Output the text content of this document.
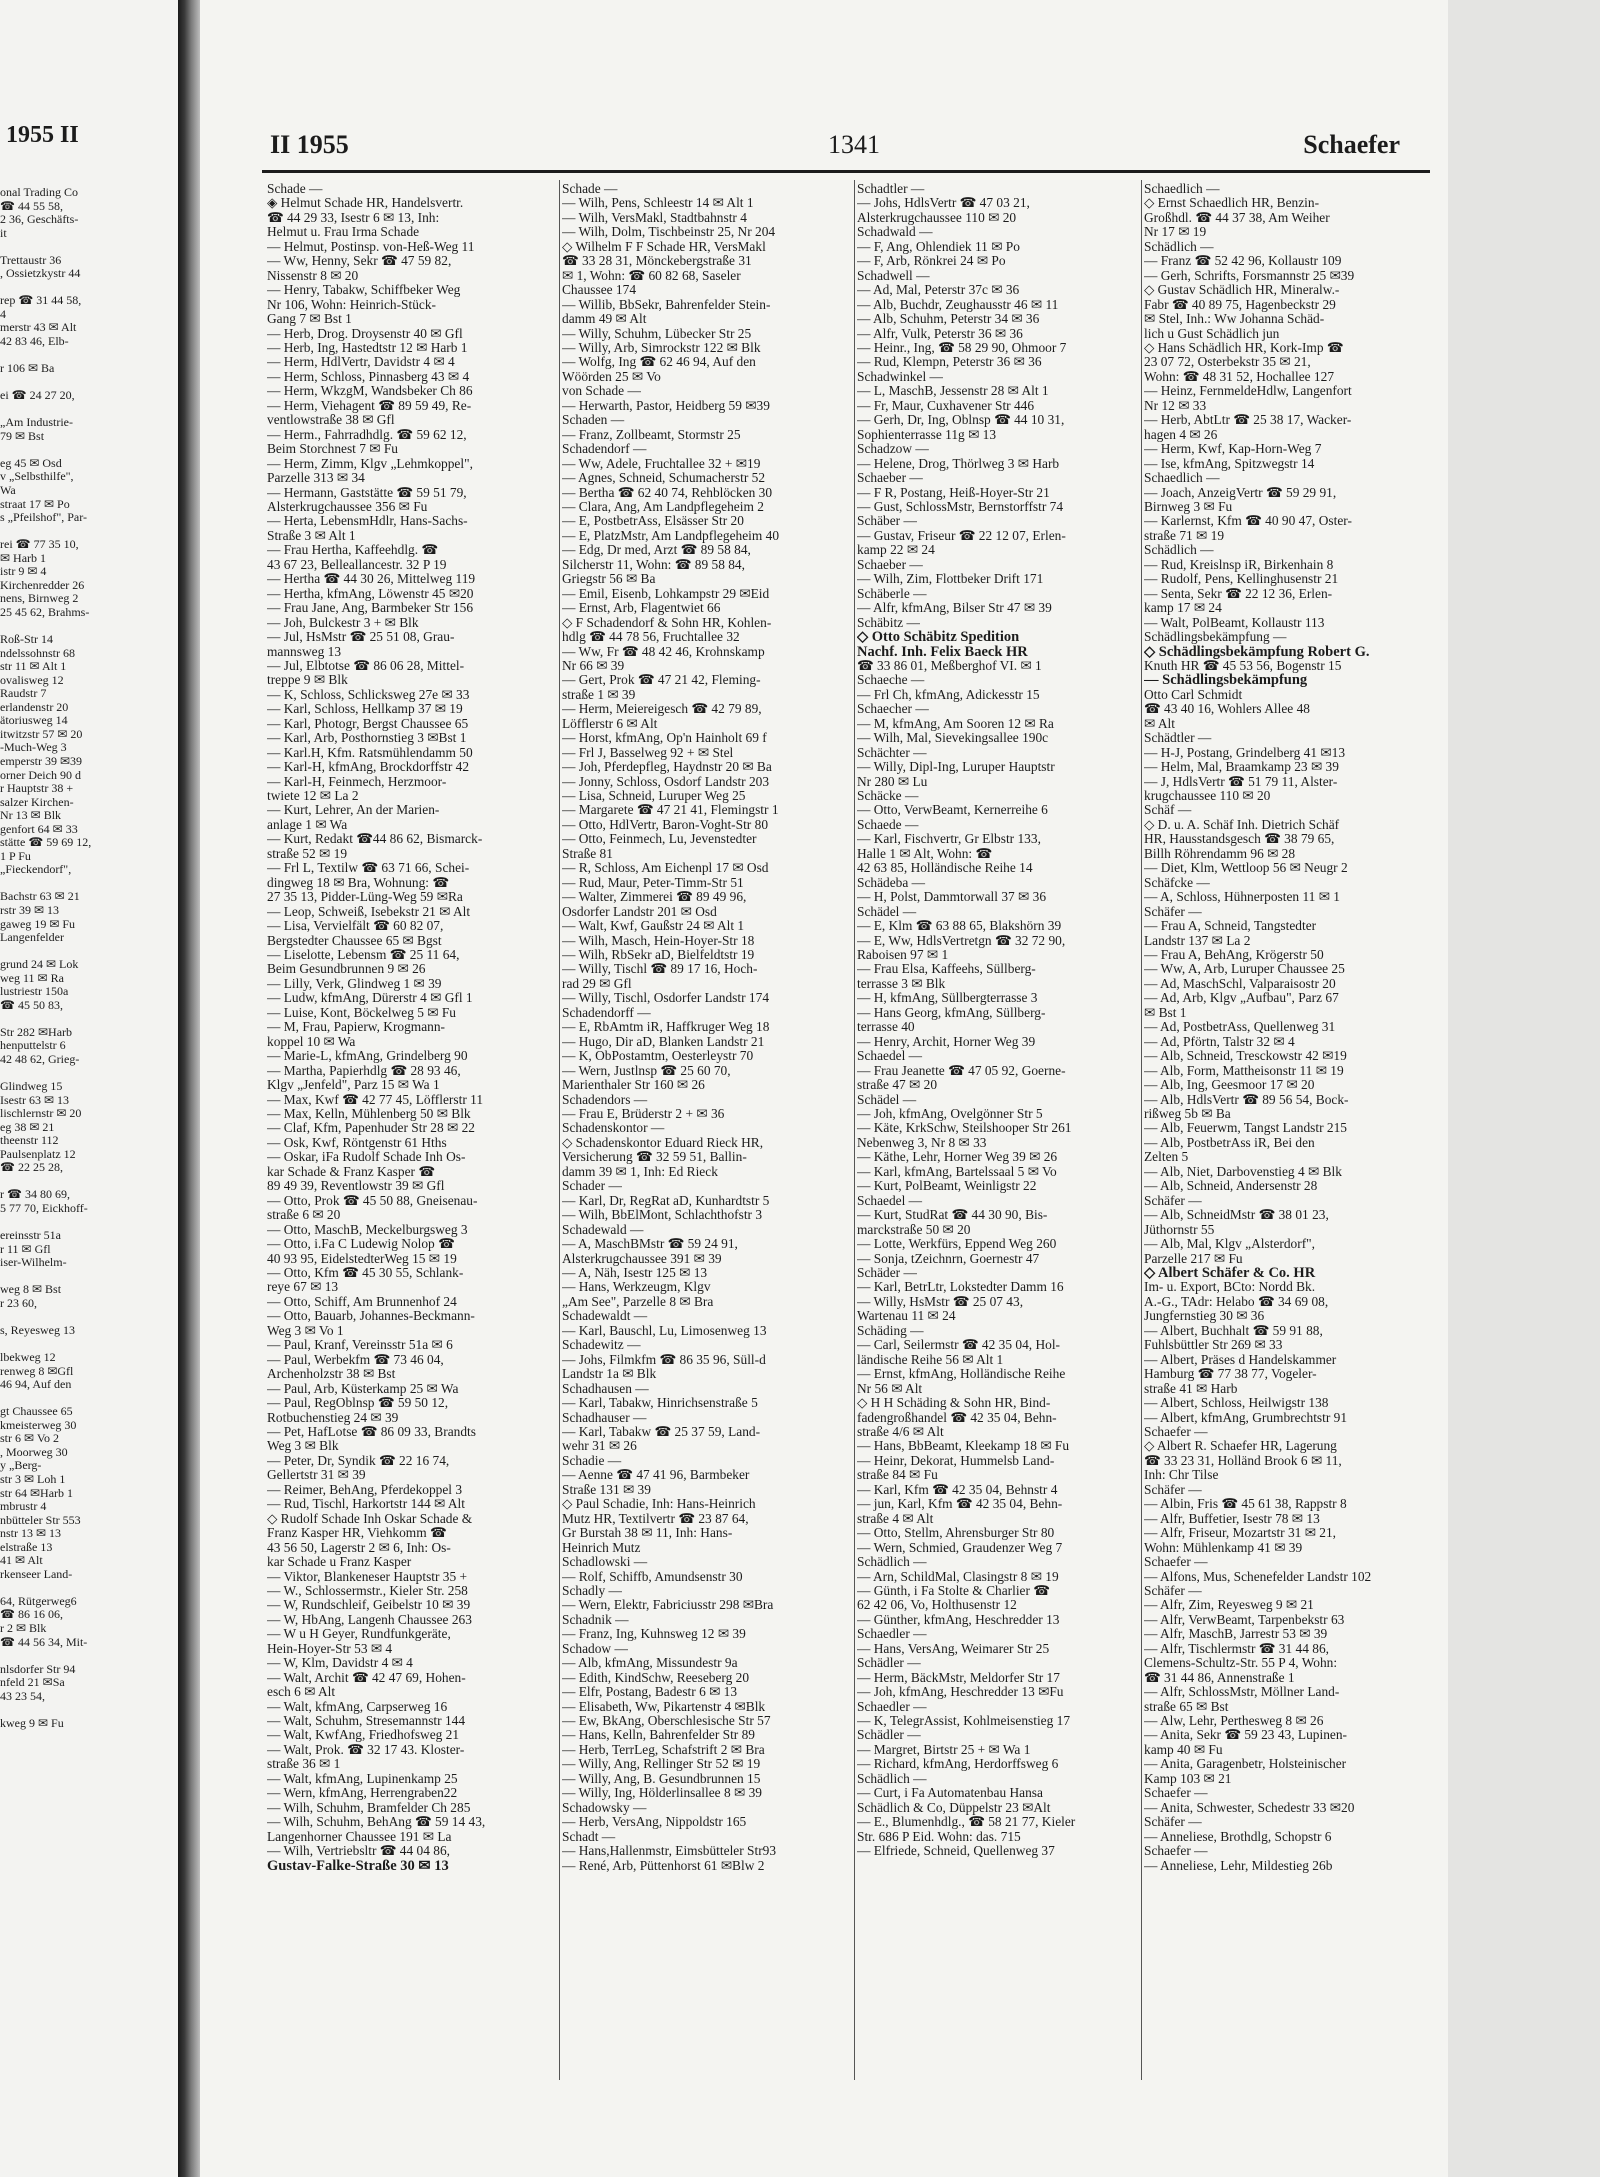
1955 II
onal Trading Co
☎ 44 55 58,
2 36, Geschäfts-
it

Trettaustr 36
, Ossietzkystr 44

rep ☎ 31 44 58,
4
merstr 43 ✉ Alt
42 83 46, Elb-

r 106 ✉ Ba

ei ☎ 24 27 20,

„Am Industrie-
79 ✉ Bst

eg 45 ✉ Osd
v „Selbsthilfe",
Wa
straat 17 ✉ Po
s „Pfeilshof", Par-

rei ☎ 77 35 10,
✉ Harb 1
istr 9 ✉ 4
Kirchenredder 26
nens, Birnweg 2
25 45 62, Brahms-

Roß-Str 14
ndelssohnstr 68
str 11 ✉ Alt 1
ovalisweg 12
Raudstr 7
erlandenstr 20
ätoriusweg 14
itwitzstr 57 ✉ 20
-Much-Weg 3
emperstr 39 ✉39
orner Deich 90 d
r Hauptstr 38 +
salzer Kirchen-
Nr 13 ✉ Blk
genfort 64 ✉ 33
stätte ☎ 59 69 12,
1 P Fu
„Fieckendorf",

Bachstr 63 ✉ 21
rstr 39 ✉ 13
gaweg 19 ✉ Fu
Langenfelder

grund 24 ✉ Lok
weg 11 ✉ Ra
lustriestr 150a
☎ 45 50 83,

Str 282 ✉Harb
henputtelstr 6
42 48 62, Grieg-

Glindweg 15
Isestr 63 ✉ 13
lischlernstr ✉ 20
eg 38 ✉ 21
theenstr 112
Paulsenplatz 12
☎ 22 25 28,

r ☎ 34 80 69,
5 77 70, Eickhoff-

ereinsstr 51a
r 11 ✉ Gfl
iser-Wilhelm-

weg 8 ✉ Bst
r 23 60,

s, Reyesweg 13

lbekweg 12
renweg 8 ✉Gfl
46 94, Auf den

gt Chaussee 65
kmeisterweg 30
str 6 ✉ Vo 2
, Moorweg 30
y „Berg-
str 3 ✉ Loh 1
str 64 ✉Harb 1
mbrustr 4
nbütteler Str 553
nstr 13 ✉ 13
elstraße 13
41 ✉ Alt
rkenseer Land-

64, Rütgerweg6
☎ 86 16 06,
r 2 ✉ Blk
☎ 44 56 34, Mit-

nlsdorfer Str 94
nfeld 21 ✉Sa
43 23 54,

kweg 9 ✉ Fu
II 1955	1341	Schaefer
Schade —
◈ Helmut Schade HR, Handelsvertr.
☎ 44 29 33, Isestr 6 ✉ 13, Inh:
Helmut u. Frau Irma Schade
— Helmut, Postinsp. von-Heß-Weg 11
— Ww, Henny, Sekr ☎ 47 59 82,
Nissenstr 8 ✉ 20
— Henry, Tabakw, Schiffbeker Weg
Nr 106, Wohn: Heinrich-Stück-
Gang 7 ✉ Bst 1
— Herb, Drog. Droysenstr 40 ✉ Gfl
— Herb, Ing, Hastedtstr 12 ✉ Harb 1
— Herm, HdlVertr, Davidstr 4 ✉ 4
— Herm, Schloss, Pinnasberg 43 ✉ 4
— Herm, WkzgM, Wandsbeker Ch 86
— Herm, Viehagent ☎ 89 59 49, Re-
ventlowstraße 38 ✉ Gfl
— Herm., Fahrradhdlg. ☎ 59 62 12,
Beim Storchnest 7 ✉ Fu
— Herm, Zimm, Klgv „Lehmkoppel",
Parzelle 313 ✉ 34
— Hermann, Gaststätte ☎ 59 51 79,
Alsterkrugchaussee 356 ✉ Fu
— Herta, LebensmHdlr, Hans-Sachs-
Straße 3 ✉ Alt 1
— Frau Hertha, Kaffeehdlg. ☎
43 67 23, Belleallancestr. 32 P 19
— Hertha ☎ 44 30 26, Mittelweg 119
— Hertha, kfmAng, Löwenstr 45 ✉20
— Frau Jane, Ang, Barmbeker Str 156
— Joh, Bulckestr 3 + ✉ Blk
— Jul, HsMstr ☎ 25 51 08, Grau-
mannsweg 13
— Jul, Elbtotse ☎ 86 06 28, Mittel-
treppe 9 ✉ Blk
— K, Schloss, Schlicksweg 27e ✉ 33
— Karl, Schloss, Hellkamp 37 ✉ 19
— Karl, Photogr, Bergst Chaussee 65
— Karl, Arb, Posthornstieg 3 ✉Bst 1
— Karl.H, Kfm. Ratsmühlendamm 50
— Karl-H, kfmAng, Brockdorffstr 42
— Karl-H, Feinmech, Herzmoor-
twiete 12 ✉ La 2
— Kurt, Lehrer, An der Marien-
anlage 1 ✉ Wa
— Kurt, Redakt ☎44 86 62, Bismarck-
straße 52 ✉ 19
— Frl L, Textilw ☎ 63 71 66, Schei-
dingweg 18 ✉ Bra, Wohnung: ☎
27 35 13, Pidder-Lüng-Weg 59 ✉Ra
— Leop, Schweiß, Isebekstr 21 ✉ Alt
— Lisa, Vervielfält ☎ 60 82 07,
Bergstedter Chaussee 65 ✉ Bgst
— Liselotte, Lebensm ☎ 25 11 64,
Beim Gesundbrunnen 9 ✉ 26
— Lilly, Verk, Glindweg 1 ✉ 39
— Ludw, kfmAng, Dürerstr 4 ✉ Gfl 1
— Luise, Kont, Böckelweg 5 ✉ Fu
— M, Frau, Papierw, Krogmann-
koppel 10 ✉ Wa
— Marie-L, kfmAng, Grindelberg 90
— Martha, Papierhdlg ☎ 28 93 46,
Klgv „Jenfeld", Parz 15 ✉ Wa 1
— Max, Kwf ☎ 42 77 45, Löfflerstr 11
— Max, Kelln, Mühlenberg 50 ✉ Blk
— Claf, Kfm, Papenhuder Str 28 ✉ 22
— Osk, Kwf, Röntgenstr 61 Hths
— Oskar, iFa Rudolf Schade Inh Os-
kar Schade & Franz Kasper ☎
89 49 39, Reventlowstr 39 ✉ Gfl
— Otto, Prok ☎ 45 50 88, Gneisenau-
straße 6 ✉ 20
— Otto, MaschB, Meckelburgsweg 3
— Otto, i.Fa C Ludewig Nolop ☎
40 93 95, EidelstedterWeg 15 ✉ 19
— Otto, Kfm ☎ 45 30 55, Schlank-
reye 67 ✉ 13
— Otto, Schiff, Am Brunnenhof 24
— Otto, Bauarb, Johannes-Beckmann-
Weg 3 ✉ Vo 1
— Paul, Kranf, Vereinsstr 51a ✉ 6
— Paul, Werbekfm ☎ 73 46 04,
Archenholzstr 38 ✉ Bst
— Paul, Arb, Küsterkamp 25 ✉ Wa
— Paul, RegOblnsp ☎ 59 50 12,
Rotbuchenstieg 24 ✉ 39
— Pet, HafLotse ☎ 86 09 33, Brandts
Weg 3 ✉ Blk
— Peter, Dr, Syndik ☎ 22 16 74,
Gellertstr 31 ✉ 39
— Reimer, BehAng, Pferdekoppel 3
— Rud, Tischl, Harkortstr 144 ✉ Alt
◇ Rudolf Schade Inh Oskar Schade &
Franz Kasper HR, Viehkomm ☎
43 56 50, Lagerstr 2 ✉ 6, Inh: Os-
kar Schade u Franz Kasper
— Viktor, Blankeneser Hauptstr 35 +
— W., Schlossermstr., Kieler Str. 258
— W, Rundschleif, Geibelstr 10 ✉ 39
— W, HbAng, Langenh Chaussee 263
— W u H Geyer, Rundfunkgeräte,
Hein-Hoyer-Str 53 ✉ 4
— W, Klm, Davidstr 4 ✉ 4
— Walt, Archit ☎ 42 47 69, Hohen-
esch 6 ✉ Alt
— Walt, kfmAng, Carpserweg 16
— Walt, Schuhm, Stresemannstr 144
— Walt, KwfAng, Friedhofsweg 21
— Walt, Prok. ☎ 32 17 43. Kloster-
straße 36 ✉ 1
— Walt, kfmAng, Lupinenkamp 25
— Wern, kfmAng, Herrengraben22
— Wilh, Schuhm, Bramfelder Ch 285
— Wilh, Schuhm, BehAng ☎ 59 14 43,
Langenhorner Chaussee 191 ✉ La
— Wilh, Vertriebsltr ☎ 44 04 86,
Gustav-Falke-Straße 30 ✉ 13
Schade —
— Wilh, Pens, Schleestr 14 ✉ Alt 1
— Wilh, VersMakl, Stadtbahnstr 4
— Wilh, Dolm, Tischbeinstr 25, Nr 204
◇ Wilhelm F F Schade HR, VersMakl
☎ 33 28 31, Mönckebergstraße 31
✉ 1, Wohn: ☎ 60 82 68, Saseler
Chaussee 174
— Willib, BbSekr, Bahrenfelder Stein-
damm 49 ✉ Alt
— Willy, Schuhm, Lübecker Str 25
— Willy, Arb, Simrockstr 122 ✉ Blk
— Wolfg, Ing ☎ 62 46 94, Auf den
Wöörden 25 ✉ Vo
von Schade —
— Herwarth, Pastor, Heidberg 59 ✉39
Schaden —
— Franz, Zollbeamt, Stormstr 25
Schadendorf —
— Ww, Adele, Fruchtallee 32 + ✉19
— Agnes, Schneid, Schumacherstr 52
— Bertha ☎ 62 40 74, Rehblöcken 30
— Clara, Ang, Am Landpflegeheim 2
— E, PostbetrAss, Elsässer Str 20
— E, PlatzMstr, Am Landpflegeheim 40
— Edg, Dr med, Arzt ☎ 89 58 84,
Silcherstr 11, Wohn: ☎ 89 58 84,
Griegstr 56 ✉ Ba
— Emil, Eisenb, Lohkampstr 29 ✉Eid
— Ernst, Arb, Flagentwiet 66
◇ F Schadendorf & Sohn HR, Kohlen-
hdlg ☎ 44 78 56, Fruchtallee 32
— Ww, Fr ☎ 48 42 46, Krohnskamp
Nr 66 ✉ 39
— Gert, Prok ☎ 47 21 42, Fleming-
straße 1 ✉ 39
— Herm, Meiereigesch ☎ 42 79 89,
Löfflerstr 6 ✉ Alt
— Horst, kfmAng, Op'n Hainholt 69 f
— Frl J, Basselweg 92 + ✉ Stel
— Joh, Pferdepfleg, Haydnstr 20 ✉ Ba
— Jonny, Schloss, Osdorf Landstr 203
— Lisa, Schneid, Luruper Weg 25
— Margarete ☎ 47 21 41, Flemingstr 1
— Otto, HdlVertr, Baron-Voght-Str 80
— Otto, Feinmech, Lu, Jevenstedter
Straße 81
— R, Schloss, Am Eichenpl 17 ✉ Osd
— Rud, Maur, Peter-Timm-Str 51
— Walter, Zimmerei ☎ 89 49 96,
Osdorfer Landstr 201 ✉ Osd
— Walt, Kwf, Gaußstr 24 ✉ Alt 1
— Wilh, Masch, Hein-Hoyer-Str 18
— Wilh, RbSekr aD, Bielfeldtstr 19
— Willy, Tischl ☎ 89 17 16, Hoch-
rad 29 ✉ Gfl
— Willy, Tischl, Osdorfer Landstr 174
Schadendorff —
— E, RbAmtm iR, Haffkruger Weg 18
— Hugo, Dir aD, Blanken Landstr 21
— K, ObPostamtm, Oesterleystr 70
— Wern, Justlnsp ☎ 25 60 70,
Marienthaler Str 160 ✉ 26
Schadendors —
— Frau E, Brüderstr 2 + ✉ 36
Schadenskontor —
◇ Schadenskontor Eduard Rieck HR,
Versicherung ☎ 32 59 51, Ballin-
damm 39 ✉ 1, Inh: Ed Rieck
Schader —
— Karl, Dr, RegRat aD, Kunhardtstr 5
— Wilh, BbElMont, Schlachthofstr 3
Schadewald —
— A, MaschBMstr ☎ 59 24 91,
Alsterkrugchaussee 391 ✉ 39
— A, Näh, Isestr 125 ✉ 13
— Hans, Werkzeugm, Klgv
„Am See", Parzelle 8 ✉ Bra
Schadewaldt —
— Karl, Bauschl, Lu, Limosenweg 13
Schadewitz —
— Johs, Filmkfm ☎ 86 35 96, Süll-d
Landstr 1a ✉ Blk
Schadhausen —
— Karl, Tabakw, Hinrichsenstraße 5
Schadhauser —
— Karl, Tabakw ☎ 25 37 59, Land-
wehr 31 ✉ 26
Schadie —
— Aenne ☎ 47 41 96, Barmbeker
Straße 131 ✉ 39
◇ Paul Schadie, Inh: Hans-Heinrich
Mutz HR, Textilvertr ☎ 23 87 64,
Gr Burstah 38 ✉ 11, Inh: Hans-
Heinrich Mutz
Schadlowski —
— Rolf, Schiffb, Amundsenstr 30
Schadly —
— Wern, Elektr, Fabriciusstr 298 ✉Bra
Schadnik —
— Franz, Ing, Kuhnsweg 12 ✉ 39
Schadow —
— Alb, kfmAng, Missundestr 9a
— Edith, KindSchw, Reeseberg 20
— Elfr, Postang, Badestr 6 ✉ 13
— Elisabeth, Ww, Pikartenstr 4 ✉Blk
— Ew, BkAng, Oberschlesische Str 57
— Hans, Kelln, Bahrenfelder Str 89
— Herb, TerrLeg, Schafstrift 2 ✉ Bra
— Willy, Ang, Rellinger Str 52 ✉ 19
— Willy, Ang, B. Gesundbrunnen 15
— Willy, Ing, Hölderlinsallee 8 ✉ 39
Schadowsky —
— Herb, VersAng, Nippoldstr 165
Schadt —
— Hans,Hallenmstr, Eimsbütteler Str93
— René, Arb, Püttenhorst 61 ✉Blw 2
Schadtler —
— Johs, HdlsVertr ☎ 47 03 21,
Alsterkrugchaussee 110 ✉ 20
Schadwald —
— F, Ang, Ohlendiek 11 ✉ Po
— F, Arb, Rönkrei 24 ✉ Po
Schadwell —
— Ad, Mal, Peterstr 37c ✉ 36
— Alb, Buchdr, Zeughausstr 46 ✉ 11
— Alb, Schuhm, Peterstr 34 ✉ 36
— Alfr, Vulk, Peterstr 36 ✉ 36
— Heinr., Ing, ☎ 58 29 90, Ohmoor 7
— Rud, Klempn, Peterstr 36 ✉ 36
Schadwinkel —
— L, MaschB, Jessenstr 28 ✉ Alt 1
— Fr, Maur, Cuxhavener Str 446
— Gerh, Dr, Ing, Oblnsp ☎ 44 10 31,
Sophienterrasse 11g ✉ 13
Schadzow —
— Helene, Drog, Thörlweg 3 ✉ Harb
Schaeber —
— F R, Postang, Heiß-Hoyer-Str 21
— Gust, SchlossMstr, Bernstorffstr 74
Schäber —
— Gustav, Friseur ☎ 22 12 07, Erlen-
kamp 22 ✉ 24
Schaeber —
— Wilh, Zim, Flottbeker Drift 171
Schäberle —
— Alfr, kfmAng, Bilser Str 47 ✉ 39
Schäbitz —
◇ Otto Schäbitz Spedition
Nachf. Inh. Felix Baeck HR
☎ 33 86 01, Meßberghof VI. ✉ 1
Schaeche —
— Frl Ch, kfmAng, Adickesstr 15
Schaecher —
— M, kfmAng, Am Sooren 12 ✉ Ra
— Wilh, Mal, Sievekingsallee 190c
Schächter —
— Willy, Dipl-Ing, Luruper Hauptstr
Nr 280 ✉ Lu
Schäcke —
— Otto, VerwBeamt, Kernerreihe 6
Schaede —
— Karl, Fischvertr, Gr Elbstr 133,
Halle 1 ✉ Alt, Wohn: ☎
42 63 85, Holländische Reihe 14
Schädeba —
— H, Polst, Dammtorwall 37 ✉ 36
Schädel —
— E, Klm ☎ 63 88 65, Blakshörn 39
— E, Ww, HdlsVertretgn ☎ 32 72 90,
Raboisen 97 ✉ 1
— Frau Elsa, Kaffeehs, Süllberg-
terrasse 3 ✉ Blk
— H, kfmAng, Süllbergterrasse 3
— Hans Georg, kfmAng, Süllberg-
terrasse 40
— Henry, Archit, Horner Weg 39
Schaedel —
— Frau Jeanette ☎ 47 05 92, Goerne-
straße 47 ✉ 20
Schädel —
— Joh, kfmAng, Ovelgönner Str 5
— Käte, KrkSchw, Steilshooper Str 261
Nebenweg 3, Nr 8 ✉ 33
— Käthe, Lehr, Horner Weg 39 ✉ 26
— Karl, kfmAng, Bartelssaal 5 ✉ Vo
— Kurt, PolBeamt, Weinligstr 22
Schaedel —
— Kurt, StudRat ☎ 44 30 90, Bis-
marckstraße 50 ✉ 20
— Lotte, Werkfürs, Eppend Weg 260
— Sonja, tZeichnrn, Goernestr 47
Schäder —
— Karl, BetrLtr, Lokstedter Damm 16
— Willy, HsMstr ☎ 25 07 43,
Wartenau 11 ✉ 24
Schäding —
— Carl, Seilermstr ☎ 42 35 04, Hol-
ländische Reihe 56 ✉ Alt 1
— Ernst, kfmAng, Holländische Reihe
Nr 56 ✉ Alt
◇ H H Schäding & Sohn HR, Bind-
fadengroßhandel ☎ 42 35 04, Behn-
straße 4/6 ✉ Alt
— Hans, BbBeamt, Kleekamp 18 ✉ Fu
— Heinr, Dekorat, Hummelsb Land-
straße 84 ✉ Fu
— Karl, Kfm ☎ 42 35 04, Behnstr 4
— jun, Karl, Kfm ☎ 42 35 04, Behn-
straße 4 ✉ Alt
— Otto, Stellm, Ahrensburger Str 80
— Wern, Schmied, Graudenzer Weg 7
Schädlich —
— Arn, SchildMal, Clasingstr 8 ✉ 19
— Günth, i Fa Stolte & Charlier ☎
62 42 06, Vo, Holthusenstr 12
— Günther, kfmAng, Heschredder 13
Schaedler —
— Hans, VersAng, Weimarer Str 25
Schädler —
— Herm, BäckMstr, Meldorfer Str 17
— Joh, kfmAng, Heschredder 13 ✉Fu
Schaedler —
— K, TelegrAssist, Kohlmeisenstieg 17
Schädler —
— Margret, Birtstr 25 + ✉ Wa 1
— Richard, kfmAng, Herdorffsweg 6
Schädlich —
— Curt, i Fa Automatenbau Hansa
Schädlich & Co, Düppelstr 23 ✉Alt
— E., Blumenhdlg., ☎ 58 21 77, Kieler
Str. 686 P Eid. Wohn: das. 715
— Elfriede, Schneid, Quellenweg 37
Schaedlich —
◇ Ernst Schaedlich HR, Benzin-
Großhdl. ☎ 44 37 38, Am Weiher
Nr 17 ✉ 19
Schädlich —
— Franz ☎ 52 42 96, Kollaustr 109
— Gerh, Schrifts, Forsmannstr 25 ✉39
◇ Gustav Schädlich HR, Mineralw.-
Fabr ☎ 40 89 75, Hagenbeckstr 29
✉ Stel, Inh.: Ww Johanna Schäd-
lich u Gust Schädlich jun
◇ Hans Schädlich HR, Kork-Imp ☎
23 07 72, Osterbekstr 35 ✉ 21,
Wohn: ☎ 48 31 52, Hochallee 127
— Heinz, FernmeldeHdlw, Langenfort
Nr 12 ✉ 33
— Herb, AbtLtr ☎ 25 38 17, Wacker-
hagen 4 ✉ 26
— Herm, Kwf, Kap-Horn-Weg 7
— Ise, kfmAng, Spitzwegstr 14
Schaedlich —
— Joach, AnzeigVertr ☎ 59 29 91,
Birnweg 3 ✉ Fu
— Karlernst, Kfm ☎ 40 90 47, Oster-
straße 71 ✉ 19
Schädlich —
— Rud, Kreislnsp iR, Birkenhain 8
— Rudolf, Pens, Kellinghusenstr 21
— Senta, Sekr ☎ 22 12 36, Erlen-
kamp 17 ✉ 24
— Walt, PolBeamt, Kollaustr 113
Schädlingsbekämpfung —
◇ Schädlingsbekämpfung Robert G.
Knuth HR ☎ 45 53 56, Bogenstr 15
— Schädlingsbekämpfung
Otto Carl Schmidt
☎ 43 40 16, Wohlers Allee 48
✉ Alt
Schädtler —
— H-J, Postang, Grindelberg 41 ✉13
— Helm, Mal, Braamkamp 23 ✉ 39
— J, HdlsVertr ☎ 51 79 11, Alster-
krugchaussee 110 ✉ 20
Schäf —
◇ D. u. A. Schäf Inh. Dietrich Schäf
HR, Hausstandsgesch ☎ 38 79 65,
Billh Röhrendamm 96 ✉ 28
— Diet, Klm, Wettloop 56 ✉ Neugr 2
Schäfcke —
— A, Schloss, Hühnerposten 11 ✉ 1
Schäfer —
— Frau A, Schneid, Tangstedter
Landstr 137 ✉ La 2
— Frau A, BehAng, Krögerstr 50
— Ww, A, Arb, Luruper Chaussee 25
— Ad, MaschSchl, Valparaisostr 20
— Ad, Arb, Klgv „Aufbau", Parz 67
✉ Bst 1
— Ad, PostbetrAss, Quellenweg 31
— Ad, Pförtn, Talstr 32 ✉ 4
— Alb, Schneid, Tresckowstr 42 ✉19
— Alb, Form, Mattheisonstr 11 ✉ 19
— Alb, Ing, Geesmoor 17 ✉ 20
— Alb, HdlsVertr ☎ 89 56 54, Bock-
rißweg 5b ✉ Ba
— Alb, Feuerwm, Tangst Landstr 215
— Alb, PostbetrAss iR, Bei den
Zelten 5
— Alb, Niet, Darbovenstieg 4 ✉ Blk
— Alb, Schneid, Andersenstr 28
Schäfer —
— Alb, SchneidMstr ☎ 38 01 23,
Jüthornstr 55
— Alb, Mal, Klgv „Alsterdorf",
Parzelle 217 ✉ Fu
◇ Albert Schäfer & Co. HR
Im- u. Export, BCto: Nordd Bk.
A.-G., TAdr: Helabo ☎ 34 69 08,
Jungfernstieg 30 ✉ 36
— Albert, Buchhalt ☎ 59 91 88,
Fuhlsbüttler Str 269 ✉ 33
— Albert, Präses d Handelskammer
Hamburg ☎ 77 38 77, Vogeler-
straße 41 ✉ Harb
— Albert, Schloss, Heilwigstr 138
— Albert, kfmAng, Grumbrechtstr 91
Schaefer —
◇ Albert R. Schaefer HR, Lagerung
☎ 33 23 31, Holländ Brook 6 ✉ 11,
Inh: Chr Tilse
Schäfer —
— Albin, Fris ☎ 45 61 38, Rappstr 8
— Alfr, Buffetier, Isestr 78 ✉ 13
— Alfr, Friseur, Mozartstr 31 ✉ 21,
Wohn: Mühlenkamp 41 ✉ 39
Schaefer —
— Alfons, Mus, Schenefelder Landstr 102
Schäfer —
— Alfr, Zim, Reyesweg 9 ✉ 21
— Alfr, VerwBeamt, Tarpenbekstr 63
— Alfr, MaschB, Jarrestr 53 ✉ 39
— Alfr, Tischlermstr ☎ 31 44 86,
Clemens-Schultz-Str. 55 P 4, Wohn:
☎ 31 44 86, Annenstraße 1
— Alfr, SchlossMstr, Möllner Land-
straße 65 ✉ Bst
— Alw, Lehr, Perthesweg 8 ✉ 26
— Anita, Sekr ☎ 59 23 43, Lupinen-
kamp 40 ✉ Fu
— Anita, Garagenbetr, Holsteinischer
Kamp 103 ✉ 21
Schaefer —
— Anita, Schwester, Schedestr 33 ✉20
Schäfer —
— Anneliese, Brothdlg, Schopstr 6
Schaefer —
— Anneliese, Lehr, Mildestieg 26b
